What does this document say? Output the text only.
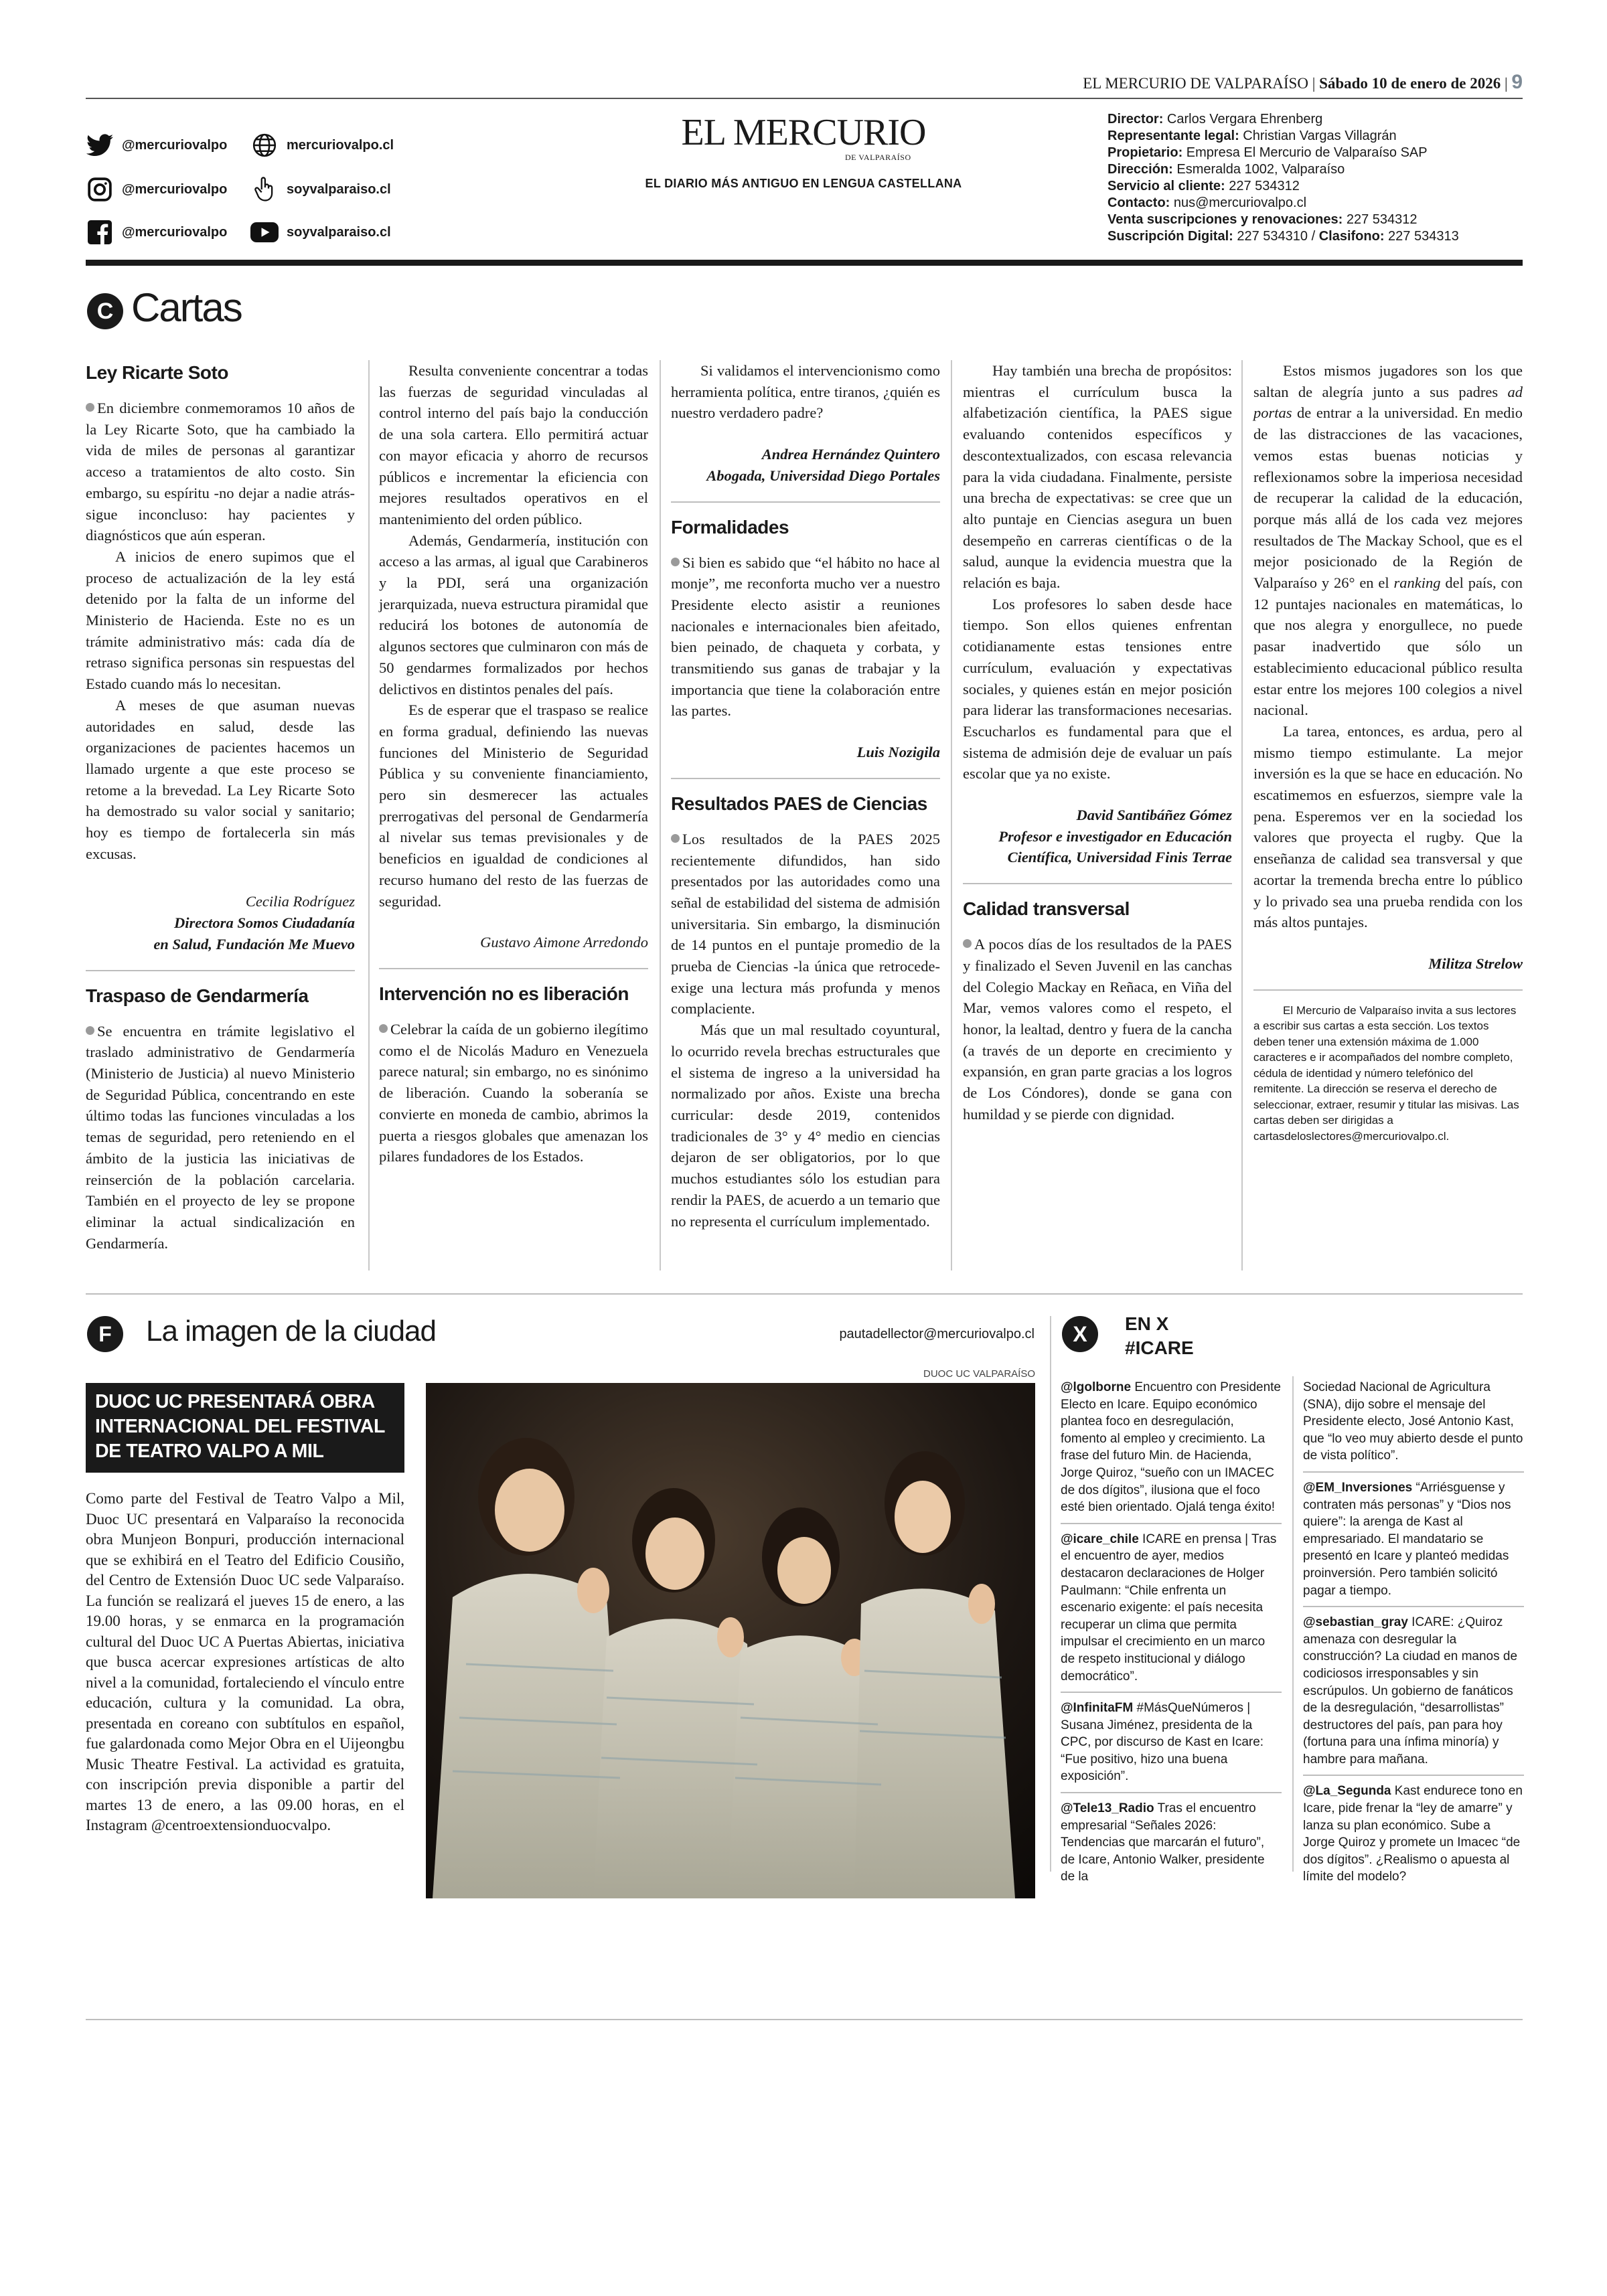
EL MERCURIO DE VALPARAÍSO | Sábado 10 de enero de 2026 | 9
@mercuriovalpo	mercuriovalpo.cl
@mercuriovalpo	soyvalparaiso.cl
@mercuriovalpo	soyvalparaiso.cl
EL MERCURIO
DE VALPARAÍSO
EL DIARIO MÁS ANTIGUO EN LENGUA CASTELLANA
Director: Carlos Vergara Ehrenberg
Representante legal: Christian Vargas Villagrán
Propietario: Empresa El Mercurio de Valparaíso SAP
Dirección: Esmeralda 1002, Valparaíso
Servicio al cliente: 227 534312
Contacto: nus@mercuriovalpo.cl
Venta suscripciones y renovaciones: 227 534312
Suscripción Digital: 227 534310 / Clasifono: 227 534313
C Cartas
Ley Ricarte Soto

En diciembre conmemoramos 10 años de la Ley Ricarte Soto, que ha cambiado la vida de miles de personas al garantizar acceso a tratamientos de alto costo. Sin embargo, su espíritu -no dejar a nadie atrás- sigue inconcluso: hay pacientes y diagnósticos que aún esperan.

A inicios de enero supimos que el proceso de actualización de la ley está detenido por la falta de un informe del Ministerio de Hacienda. Este no es un trámite administrativo más: cada día de retraso significa personas sin respuestas del Estado cuando más lo necesitan.

A meses de que asuman nuevas autoridades en salud, desde las organizaciones de pacientes hacemos un llamado urgente a que este proceso se retome a la brevedad. La Ley Ricarte Soto ha demostrado su valor social y sanitario; hoy es tiempo de fortalecerla sin más excusas.

Cecilia Rodríguez

Directora Somos Ciudadanía

en Salud, Fundación Me Muevo

Traspaso de Gendarmería

Se encuentra en trámite legislativo el traslado administrativo de Gendarmería (Ministerio de Justicia) al nuevo Ministerio de Seguridad Pública, concentrando en este último todas las funciones vinculadas a los temas de seguridad, pero reteniendo en el ámbito de la justicia las iniciativas de reinserción de la población carcelaria. También en el proyecto de ley se propone eliminar la actual sindicalización en Gendarmería.

Resulta conveniente concentrar a todas las fuerzas de seguridad vinculadas al control interno del país bajo la conducción de una sola cartera. Ello permitirá actuar con mayor eficacia y ahorro de recursos públicos e incrementar la eficiencia con mejores resultados operativos en el mantenimiento del orden público.

Además, Gendarmería, institución con acceso a las armas, al igual que Carabineros y la PDI, será una organización jerarquizada, nueva estructura piramidal que reducirá los botones de autonomía de algunos sectores que culminaron con más de 50 gendarmes formalizados por hechos delictivos en distintos penales del país.

Es de esperar que el traspaso se realice en forma gradual, definiendo las nuevas funciones del Ministerio de Seguridad Pública y su conveniente financiamiento, pero sin desmerecer las actuales prerrogativas del personal de Gendarmería al nivelar sus temas previsionales y de beneficios en igualdad de condiciones al recurso humano del resto de las fuerzas de seguridad.

Gustavo Aimone Arredondo

Intervención no es liberación

Celebrar la caída de un gobierno ilegítimo como el de Nicolás Maduro en Venezuela parece natural; sin embargo, no es sinónimo de liberación. Cuando la soberanía se convierte en moneda de cambio, abrimos la puerta a riesgos globales que amenazan los pilares fundadores de los Estados.

Si validamos el intervencionismo como herramienta política, entre tiranos, ¿quién es nuestro verdadero padre?

Andrea Hernández Quintero

Abogada, Universidad Diego Portales

Formalidades

Si bien es sabido que “el hábito no hace al monje”, me reconforta mucho ver a nuestro Presidente electo asistir a reuniones nacionales e internacionales bien afeitado, bien peinado, de chaqueta y corbata, y transmitiendo sus ganas de trabajar y la importancia que tiene la colaboración entre las partes.

Luis Nozigila

Resultados PAES de Ciencias

Los resultados de la PAES 2025 recientemente difundidos, han sido presentados por las autoridades como una señal de estabilidad del sistema de admisión universitaria. Sin embargo, la disminución de 14 puntos en el puntaje promedio de la prueba de Ciencias -la única que retrocede- exige una lectura más profunda y menos complaciente.

Más que un mal resultado coyuntural, lo ocurrido revela brechas estructurales que el sistema de ingreso a la universidad ha normalizado por años. Existe una brecha curricular: desde 2019, contenidos tradicionales de 3° y 4° medio en ciencias dejaron de ser obligatorios, por lo que muchos estudiantes sólo los estudian para rendir la PAES, de acuerdo a un temario que no representa el currículum implementado.

Hay también una brecha de propósitos: mientras el currículum busca la alfabetización científica, la PAES sigue evaluando contenidos específicos y descontextualizados, con escasa relevancia para la vida ciudadana. Finalmente, persiste una brecha de expectativas: se cree que un alto puntaje en Ciencias asegura un buen desempeño en carreras científicas o de la salud, aunque la evidencia muestra que la relación es baja.

Los profesores lo saben desde hace tiempo. Son ellos quienes enfrentan cotidianamente estas tensiones entre currículum, evaluación y expectativas sociales, y quienes están en mejor posición para liderar las transformaciones necesarias. Escucharlos es fundamental para que el sistema de admisión deje de evaluar un país escolar que ya no existe.

David Santibáñez Gómez

Profesor e investigador en Educación

Científica, Universidad Finis Terrae

Calidad transversal

A pocos días de los resultados de la PAES y finalizado el Seven Juvenil en las canchas del Colegio Mackay en Reñaca, en Viña del Mar, vemos valores como el respeto, el honor, la lealtad, dentro y fuera de la cancha (a través de un deporte en crecimiento y expansión, en gran parte gracias a los logros de Los Cóndores), donde se gana con humildad y se pierde con dignidad.

Estos mismos jugadores son los que saltan de alegría junto a sus padres ad portas de entrar a la universidad. En medio de las distracciones de las vacaciones, vemos estas buenas noticias y reflexionamos sobre la imperiosa necesidad de recuperar la calidad de la educación, porque más allá de los cada vez mejores resultados de The Mackay School, que es el mejor posicionado de la Región de Valparaíso y 26° en el ranking del país, con 12 puntajes nacionales en matemáticas, lo que nos alegra y enorgullece, no puede pasar inadvertido que sólo un establecimiento educacional público resulta estar entre los mejores 100 colegios a nivel nacional.

La tarea, entonces, es ardua, pero al mismo tiempo estimulante. La mejor inversión es la que se hace en educación. No escatimemos en esfuerzos, siempre vale la pena. Esperemos ver en la sociedad los valores que proyecta el rugby. Que la enseñanza de calidad sea transversal y que acortar la tremenda brecha entre lo público y lo privado sea una prueba rendida con los más altos puntajes.

Militza Strelow

El Mercurio de Valparaíso invita a sus lectores a escribir sus cartas a esta sección. Los textos deben tener una extensión máxima de 1.000 caracteres e ir acompañados del nombre completo, cédula de identidad y número telefónico del remitente. La dirección se reserva el derecho de seleccionar, extraer, resumir y titular las misivas. Las cartas deben ser dirigidas a cartasdeloslectores@mercuriovalpo.cl.

F	La imagen de la ciudad	pautadellector@mercuriovalpo.cl
DUOC UC PRESENTARÁ OBRA INTERNACIONAL DEL FESTIVAL DE TEATRO VALPO A MIL

Como parte del Festival de Teatro Valpo a Mil, Duoc UC presentará en Valparaíso la reconocida obra Munjeon Bonpuri, producción internacional que se exhibirá en el Teatro del Edificio Cousiño, del Centro de Extensión Duoc UC sede Valparaíso. La función se realizará el jueves 15 de enero, a las 19.00 horas, y se enmarca en la programación cultural del Duoc UC A Puertas Abiertas, iniciativa que busca acercar expresiones artísticas de alto nivel a la comunidad, fortaleciendo el vínculo entre educación, cultura y la comunidad. La obra, presentada en coreano con subtítulos en español, fue galardonada como Mejor Obra en el Uijeongbu Music Theatre Festival. La actividad es gratuita, con inscripción previa disponible a partir del martes 13 de enero, a las 09.00 horas, en el Instagram @centroextensionduocvalpo.

DUOC UC VALPARAÍSO
X	EN X
#ICARE
@lgolborne Encuentro con Presidente Electo en Icare. Equipo económico plantea foco en desregulación, fomento al empleo y crecimiento. La frase del futuro Min. de Hacienda, Jorge Quiroz, “sueño con un IMACEC de dos dígitos”, ilusiona que el foco esté bien orientado. Ojalá tenga éxito!
@icare_chile ICARE en prensa | Tras el encuentro de ayer, medios destacaron declaraciones de Holger Paulmann: “Chile enfrenta un escenario exigente: el país necesita recuperar un clima que permita impulsar el crecimiento en un marco de respeto institucional y diálogo democrático”.
@InfinitaFM #MásQueNúmeros | Susana Jiménez, presidenta de la CPC, por discurso de Kast en Icare: “Fue positivo, hizo una buena exposición”.
@Tele13_Radio Tras el encuentro empresarial “Señales 2026: Tendencias que marcarán el futuro”, de Icare, Antonio Walker, presidente de la
Sociedad Nacional de Agricultura (SNA), dijo sobre el mensaje del Presidente electo, José Antonio Kast, que “lo veo muy abierto desde el punto de vista político”.
@EM_Inversiones “Arriésguense y contraten más personas” y “Dios nos quiere”: la arenga de Kast al empresariado. El mandatario se presentó en Icare y planteó medidas proinversión. Pero también solicitó pagar a tiempo.
@sebastian_gray ICARE: ¿Quiroz amenaza con desregular la construcción? La ciudad en manos de codiciosos irresponsables y sin escrúpulos. Un gobierno de fanáticos de la desregulación, “desarrollistas” destructores del país, pan para hoy (fortuna para una ínfima minoría) y hambre para mañana.
@La_Segunda Kast endurece tono en Icare, pide frenar la “ley de amarre” y lanza su plan económico. Sube a Jorge Quiroz y promete un Imacec “de dos dígitos”. ¿Realismo o apuesta al límite del modelo?
